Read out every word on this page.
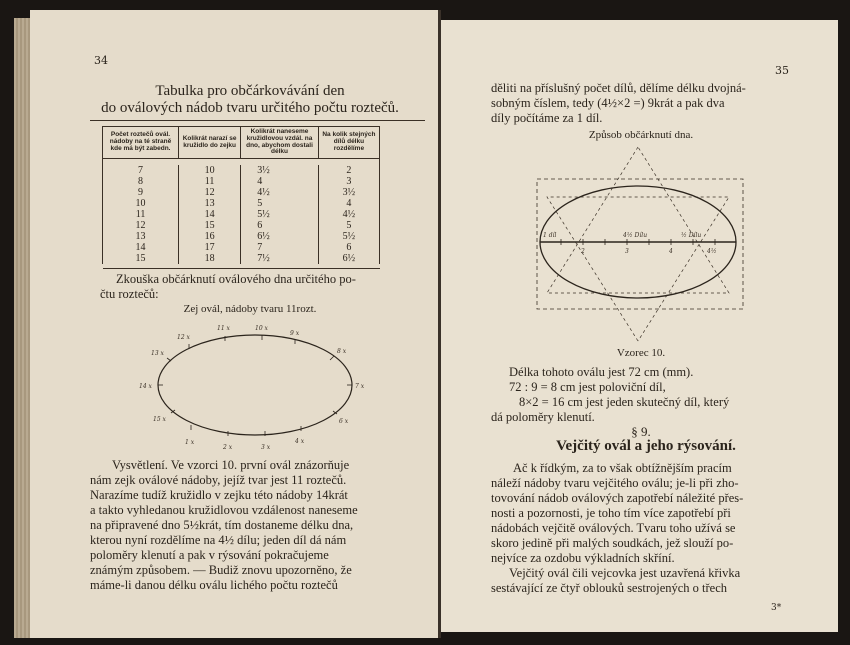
34
Tabulka pro občárkovávání den
do oválových nádob tvaru určitého počtu roztečů.
Počet roztečů ovál. nádoby na té straně kde má být zabedn.	Kolikrát narazí se kružidlo do zejku	Kolikrát naneseme kružidlovou vzdál. na dno, abychom dostali délku	Na kolik stejných dílů délku rozdělíme

7	10	3½	2
8	11	4	3
9	12	4½	3½
10	13	5	4
11	14	5½	4½
12	15	6	5
13	16	6½	5½
14	17	7	6
15	18	7½	6½

Zkouška občárknutí oválového dna určitého po-
čtu roztečů:
Zej ovál, nádoby tvaru 11rozt.
12 x
11 x	10 x
9 x
13 x	8 x
14 x	7 x
15 x	6 x
1 x
2 x	3 x
4 x
Vysvětlení. Ve vzorci 10. první ovál znázorňuje
nám zejk oválové nádoby, jejíž tvar jest 11 roztečů.
Narazíme tudíž kružidlo v zejku této nádoby 14krát
a takto vyhledanou kružidlovou vzdálenost naneseme
na připravené dno 5½krát, tím dostaneme délku dna,
kterou nyní rozdělíme na 4½ dílu; jeden díl dá nám
poloměry klenutí a pak v rýsování pokračujeme
známým způsobem. — Budiž znovu upozorněno, že
máme-li danou délku oválu lichého počtu roztečů
35
děliti na příslušný počet dílů, dělíme délku dvojná-
sobným číslem, tedy (4½×2 =) 9krát a pak dva
díly počítáme za 1 díl.
Způsob občárknutí dna.
1 díl	4½ Dílu	½ Dílu
2	3	4	4½
Vzorec 10.
Délka tohoto oválu jest 72 cm (mm).
72 : 9 = 8 cm jest poloviční díl,
8×2 = 16 cm jest jeden skutečný díl, který
dá poloměry klenutí.
§ 9.
Vejčitý ovál a jeho rýsování.
Ač k řídkým, za to však obtížnějším pracím
náleží nádoby tvaru vejčitého oválu; je-li při zho-
tovování nádob oválových zapotřebí náležité přes-
nosti a pozornosti, je toho tím více zapotřebí při
nádobách vejčitě oválových. Tvaru toho užívá se
skoro jedině při malých soudkách, jež slouží po-
nejvíce za ozdobu výkladních skříní.
Vejčitý ovál čili vejcovka jest uzavřená křivka
sestávající ze čtyř oblouků sestrojených o třech
3*
